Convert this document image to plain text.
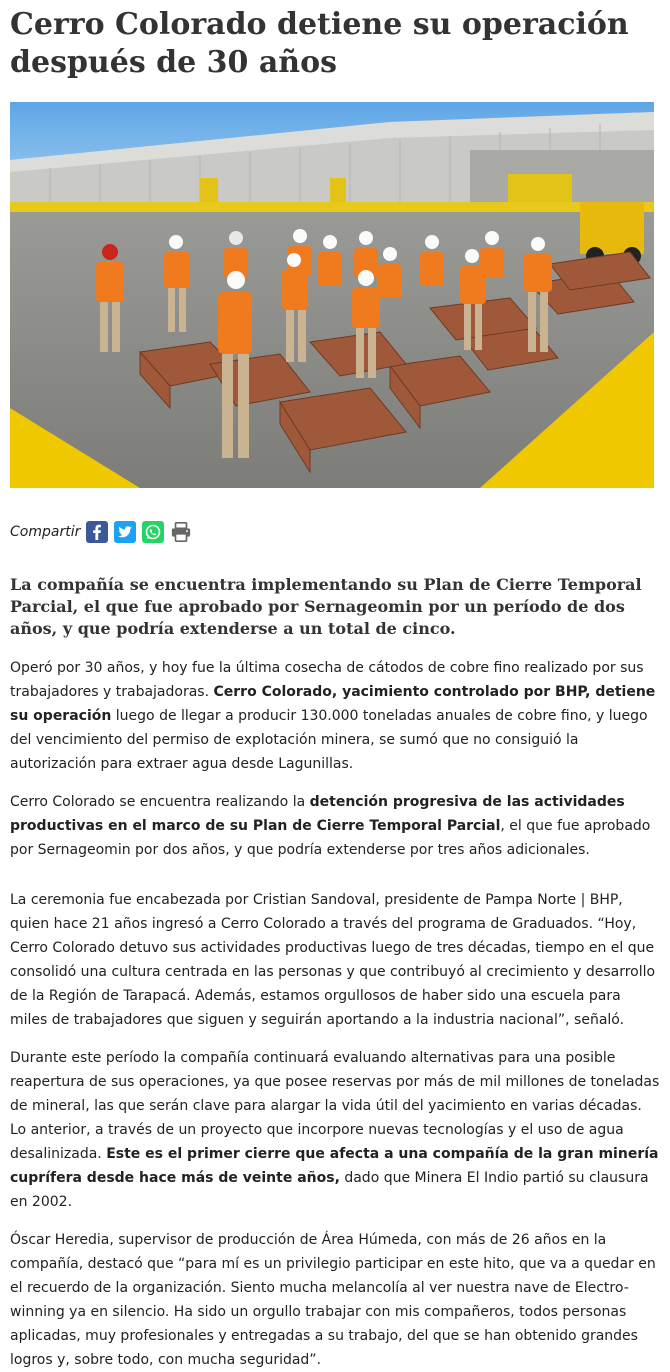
Cerro Colorado detiene su operación después de 30 años
Compartir

La compañía se encuentra implementando su Plan de Cierre Temporal Parcial, el que fue aprobado por Sernageomin por un período de dos años, y que podría extenderse a un total de cinco.

Operó por 30 años, y hoy fue la última cosecha de cátodos de cobre fino realizado por sus trabajadores y trabajadoras. Cerro Colorado, yacimiento controlado por BHP, detiene su operación luego de llegar a producir 130.000 toneladas anuales de cobre fino, y luego del vencimiento del permiso de explotación minera, se sumó que no consiguió la autorización para extraer agua desde Lagunillas.

Cerro Colorado se encuentra realizando la detención progresiva de las actividades productivas en el marco de su Plan de Cierre Temporal Parcial, el que fue aprobado por Sernageomin por dos años, y que podría extenderse por tres años adicionales.

La ceremonia fue encabezada por Cristian Sandoval, presidente de Pampa Norte | BHP, quien hace 21 años ingresó a Cerro Colorado a través del programa de Graduados. “Hoy, Cerro Colorado detuvo sus actividades productivas luego de tres décadas, tiempo en el que consolidó una cultura centrada en las personas y que contribuyó al crecimiento y desarrollo de la Región de Tarapacá. Además, estamos orgullosos de haber sido una escuela para miles de trabajadores que siguen y seguirán aportando a la industria nacional”, señaló.

Durante este período la compañía continuará evaluando alternativas para una posible reapertura de sus operaciones, ya que posee reservas por más de mil millones de toneladas de mineral, las que serán clave para alargar la vida útil del yacimiento en varias décadas. Lo anterior, a través de un proyecto que incorpore nuevas tecnologías y el uso de agua desalinizada. Este es el primer cierre que afecta a una compañía de la gran minería cuprífera desde hace más de veinte años, dado que Minera El Indio partió su clausura en 2002.

Óscar Heredia, supervisor de producción de Área Húmeda, con más de 26 años en la compañía, destacó que “para mí es un privilegio participar en este hito, que va a quedar en el recuerdo de la organización. Siento mucha melancolía al ver nuestra nave de Electro-winning ya en silencio. Ha sido un orgullo trabajar con mis compañeros, todos personas aplicadas, muy profesionales y entregadas a su trabajo, del que se han obtenido grandes logros y, sobre todo, con mucha seguridad”.
